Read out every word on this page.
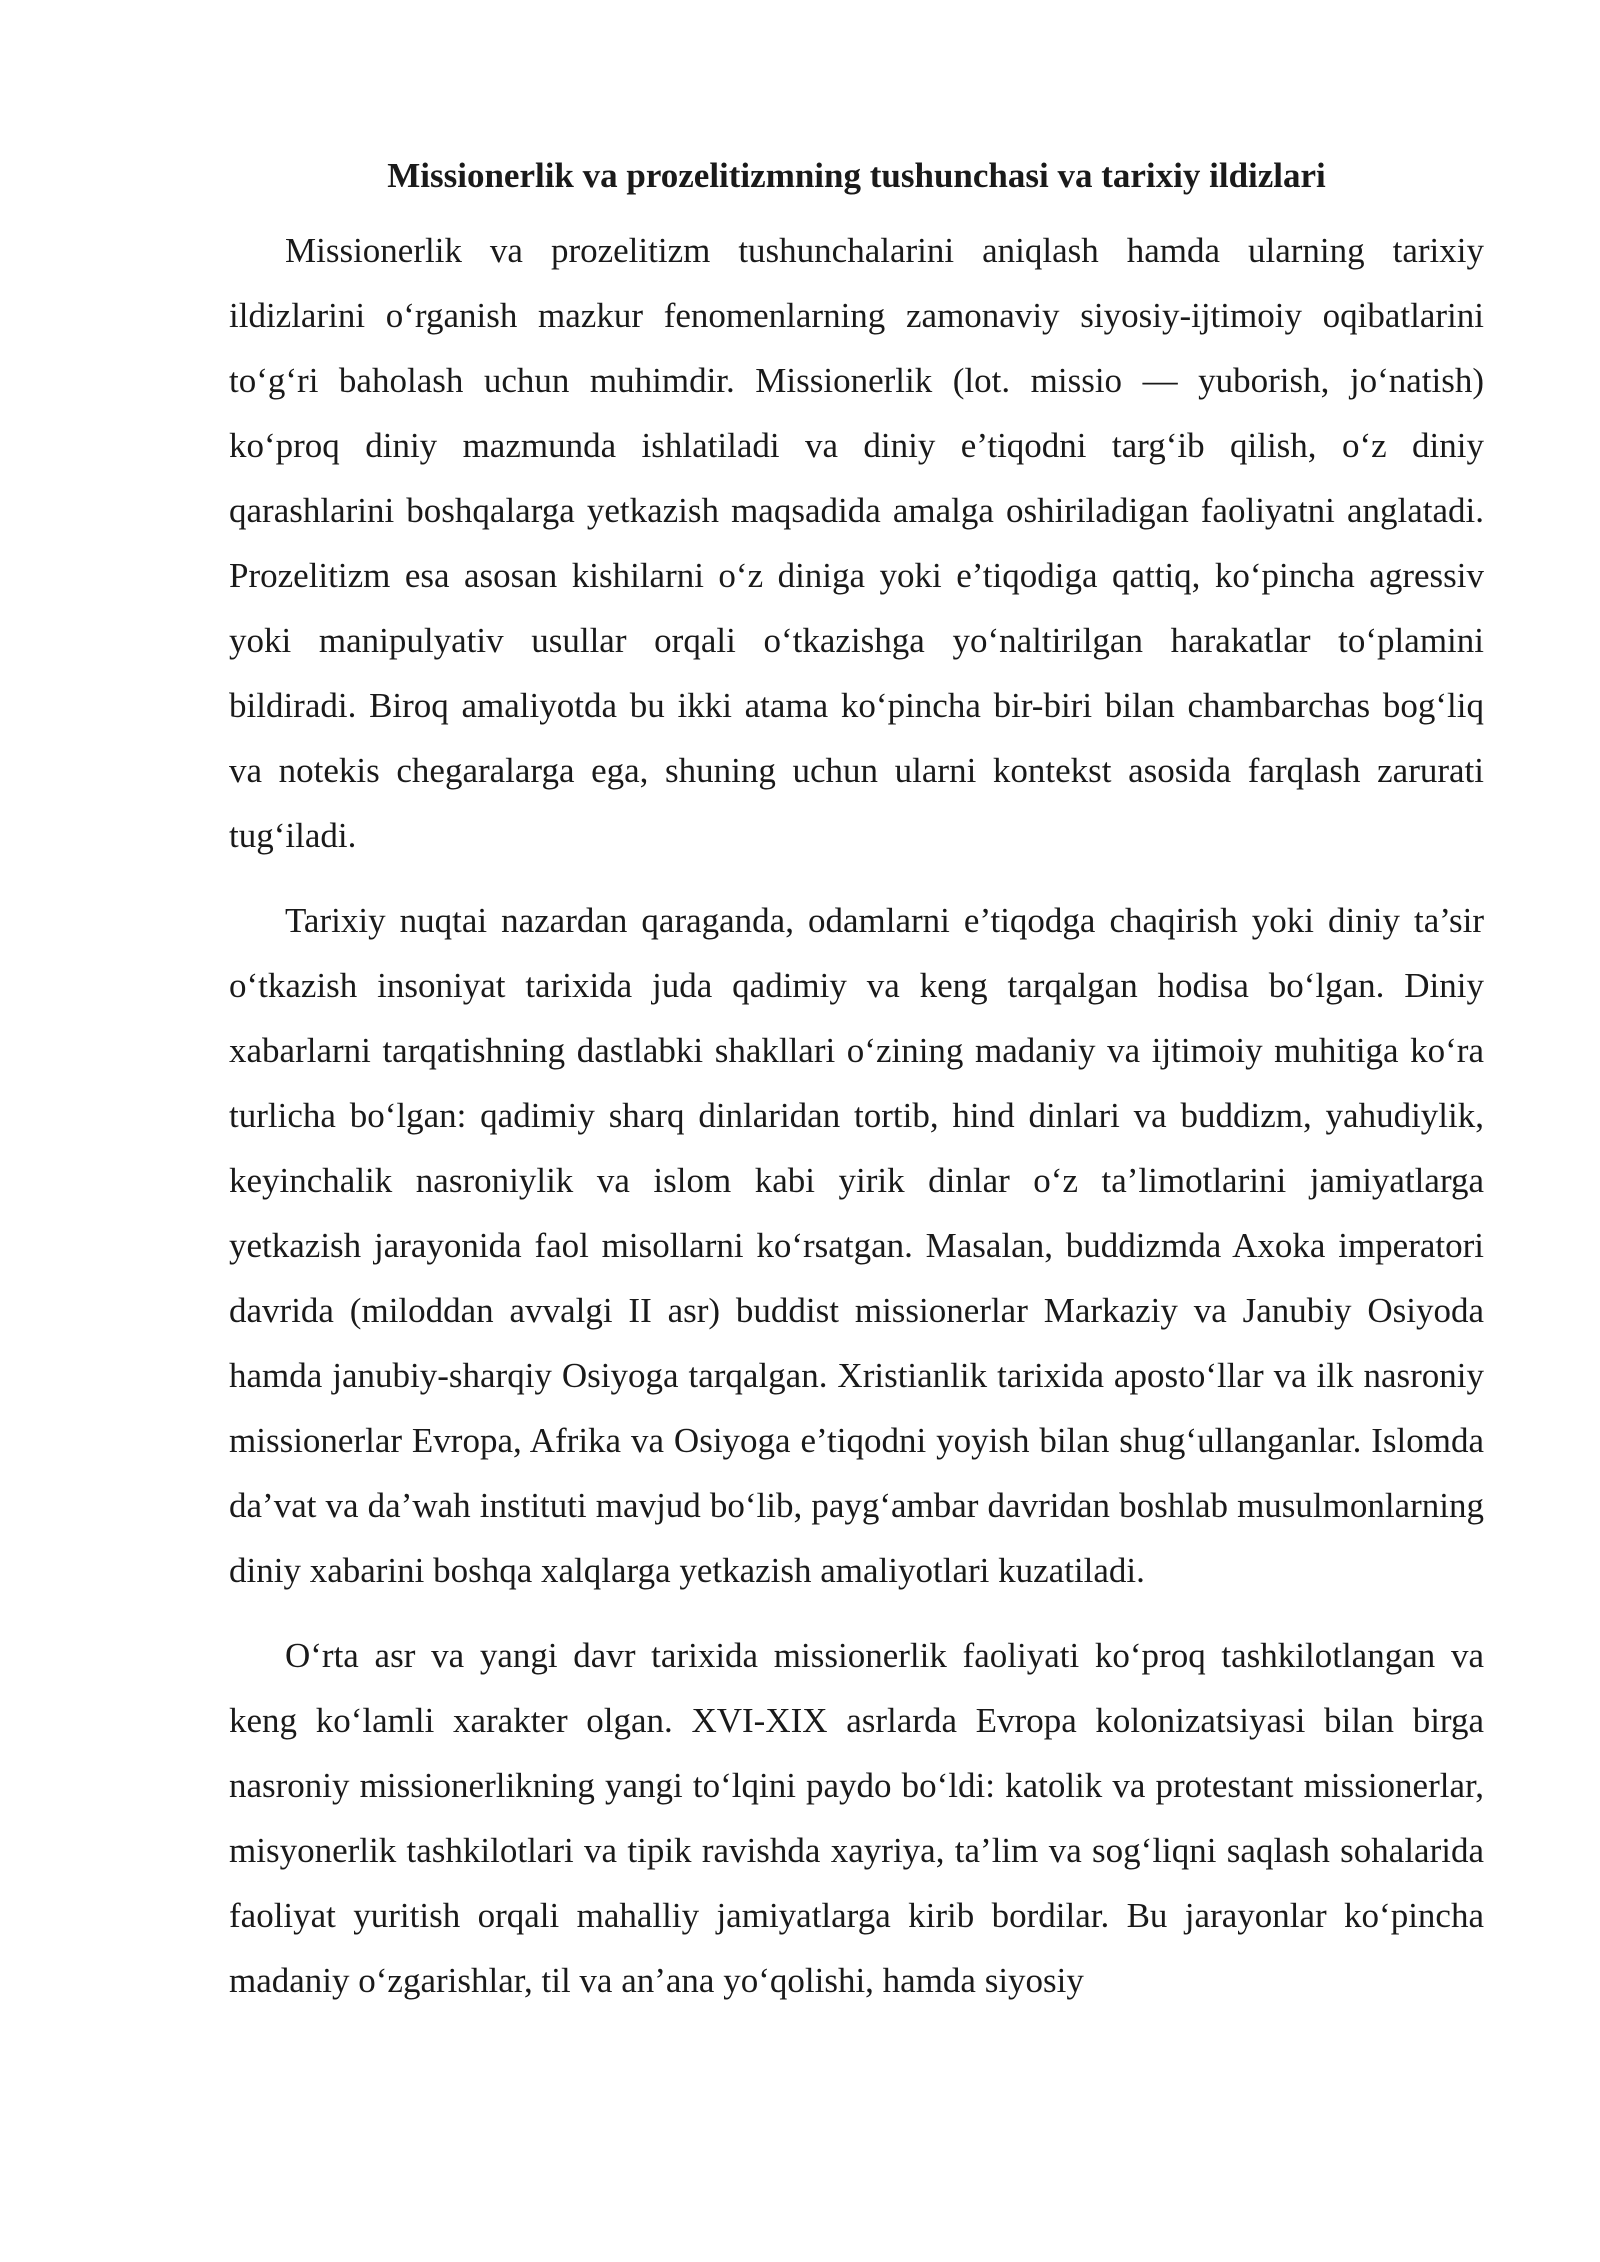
Missionerlik va prozelitizmning tushunchasi va tarixiy ildizlari

Missionerlik va prozelitizm tushunchalarini aniqlash hamda ularning tarixiy ildizlarini o‘rganish mazkur fenomenlarning zamonaviy siyosiy-ijtimoiy oqibatlarini to‘g‘ri baholash uchun muhimdir. Missionerlik (lot. missio — yuborish, jo‘natish) ko‘proq diniy mazmunda ishlatiladi va diniy e’tiqodni targ‘ib qilish, o‘z diniy qarashlarini boshqalarga yetkazish maqsadida amalga oshiriladigan faoliyatni anglatadi. Prozelitizm esa asosan kishilarni o‘z diniga yoki e’tiqodiga qattiq, ko‘pincha agressiv yoki manipulyativ usullar orqali o‘tkazishga yo‘naltirilgan harakatlar to‘plamini bildiradi. Biroq amaliyotda bu ikki atama ko‘pincha bir-biri bilan chambarchas bog‘liq va notekis chegaralarga ega, shuning uchun ularni kontekst asosida farqlash zarurati tug‘iladi.

Tarixiy nuqtai nazardan qaraganda, odamlarni e’tiqodga chaqirish yoki diniy ta’sir o‘tkazish insoniyat tarixida juda qadimiy va keng tarqalgan hodisa bo‘lgan. Diniy xabarlarni tarqatishning dastlabki shakllari o‘zining madaniy va ijtimoiy muhitiga ko‘ra turlicha bo‘lgan: qadimiy sharq dinlaridan tortib, hind dinlari va buddizm, yahudiylik, keyinchalik nasroniylik va islom kabi yirik dinlar o‘z ta’limotlarini jamiyatlarga yetkazish jarayonida faol misollarni ko‘rsatgan. Masalan, buddizmda Axoka imperatori davrida (miloddan avvalgi II asr) buddist missionerlar Markaziy va Janubiy Osiyoda hamda janubiy-sharqiy Osiyoga tarqalgan. Xristianlik tarixida aposto‘llar va ilk nasroniy missionerlar Evropa, Afrika va Osiyoga e’tiqodni yoyish bilan shug‘ullanganlar. Islomda da’vat va da’wah instituti mavjud bo‘lib, payg‘ambar davridan boshlab musulmonlarning diniy xabarini boshqa xalqlarga yetkazish amaliyotlari kuzatiladi.

O‘rta asr va yangi davr tarixida missionerlik faoliyati ko‘proq tashkilotlangan va keng ko‘lamli xarakter olgan. XVI-XIX asrlarda Evropa kolonizatsiyasi bilan birga nasroniy missionerlikning yangi to‘lqini paydo bo‘ldi: katolik va protestant missionerlar, misyonerlik tashkilotlari va tipik ravishda xayriya, ta’lim va sog‘liqni saqlash sohalarida faoliyat yuritish orqali mahalliy jamiyatlarga kirib bordilar. Bu jarayonlar ko‘pincha madaniy o‘zgarishlar, til va an’ana yo‘qolishi, hamda siyosiy
